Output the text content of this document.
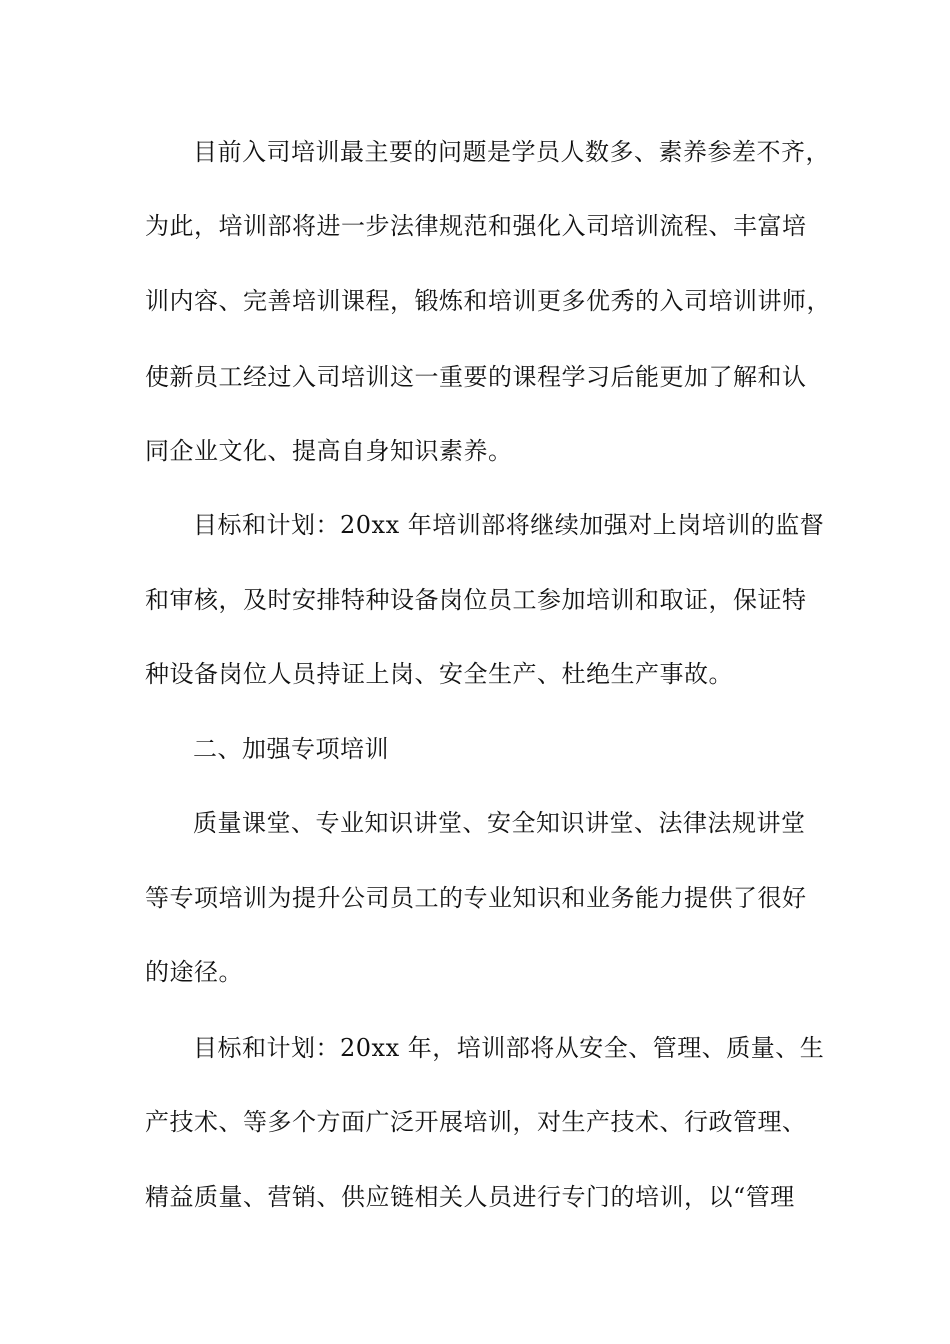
目前入司培训最主要的问题是学员人数多、素养参差不齐，
为此，培训部将进一步法律规范和强化入司培训流程、丰富培
训内容、完善培训课程，锻炼和培训更多优秀的入司培训讲师，
使新员工经过入司培训这一重要的课程学习后能更加了解和认
同企业文化、提高自身知识素养。
目标和计划：20xx 年培训部将继续加强对上岗培训的监督
和审核，及时安排特种设备岗位员工参加培训和取证，保证特
种设备岗位人员持证上岗、安全生产、杜绝生产事故。
二、加强专项培训
质量课堂、专业知识讲堂、安全知识讲堂、法律法规讲堂
等专项培训为提升公司员工的专业知识和业务能力提供了很好
的途径。
目标和计划：20xx 年，培训部将从安全、管理、质量、生
产技术、等多个方面广泛开展培训，对生产技术、行政管理、
精益质量、营销、供应链相关人员进行专门的培训，以“管理
